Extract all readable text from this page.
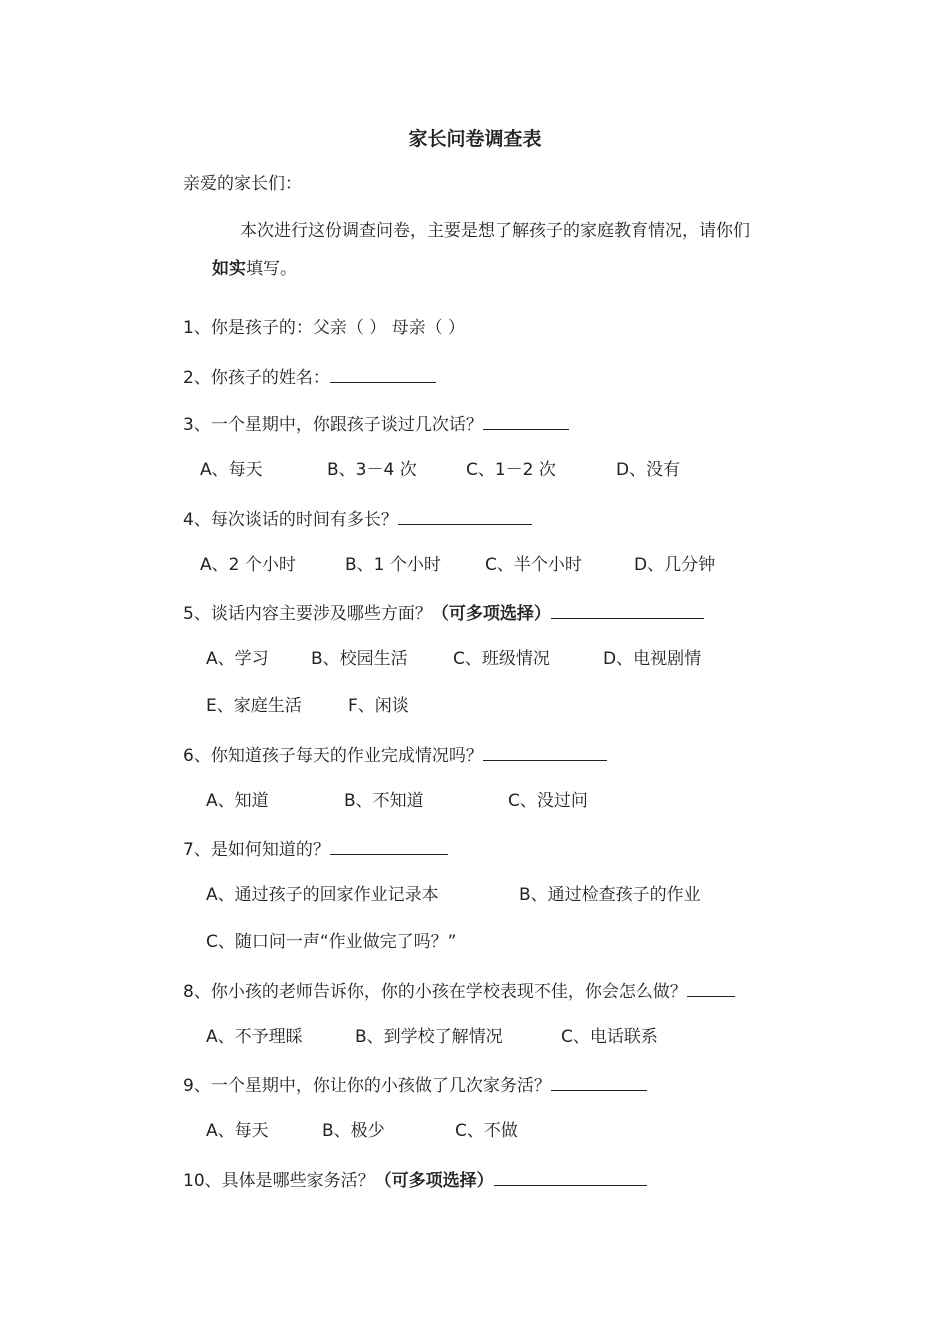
家长问卷调查表
亲爱的家长们：
本次进行这份调查问卷，主要是想了解孩子的家庭教育情况，请你们
如实填写。
1、你是孩子的：父亲（ ） 母亲（ ）
2、你孩子的姓名：
3、一个星期中，你跟孩子谈过几次话？
A、每天	B、3－4 次	C、1－2 次	D、没有
4、每次谈话的时间有多长？
A、2 个小时	B、1 个小时	C、半个小时	D、几分钟
5、谈话内容主要涉及哪些方面？（可多项选择）
A、学习 B、校园生活	C、班级情况	D、电视剧情
E、家庭生活	F、闲谈
6、你知道孩子每天的作业完成情况吗？
A、知道	B、不知道	C、没过问
7、是如何知道的？
A、通过孩子的回家作业记录本	B、通过检查孩子的作业
C、随口问一声“作业做完了吗？”
8、你小孩的老师告诉你，你的小孩在学校表现不佳，你会怎么做？
A、不予理睬	B、到学校了解情况	C、电话联系
9、一个星期中，你让你的小孩做了几次家务活？
A、每天	B、极少	C、不做
10、具体是哪些家务活？（可多项选择）
